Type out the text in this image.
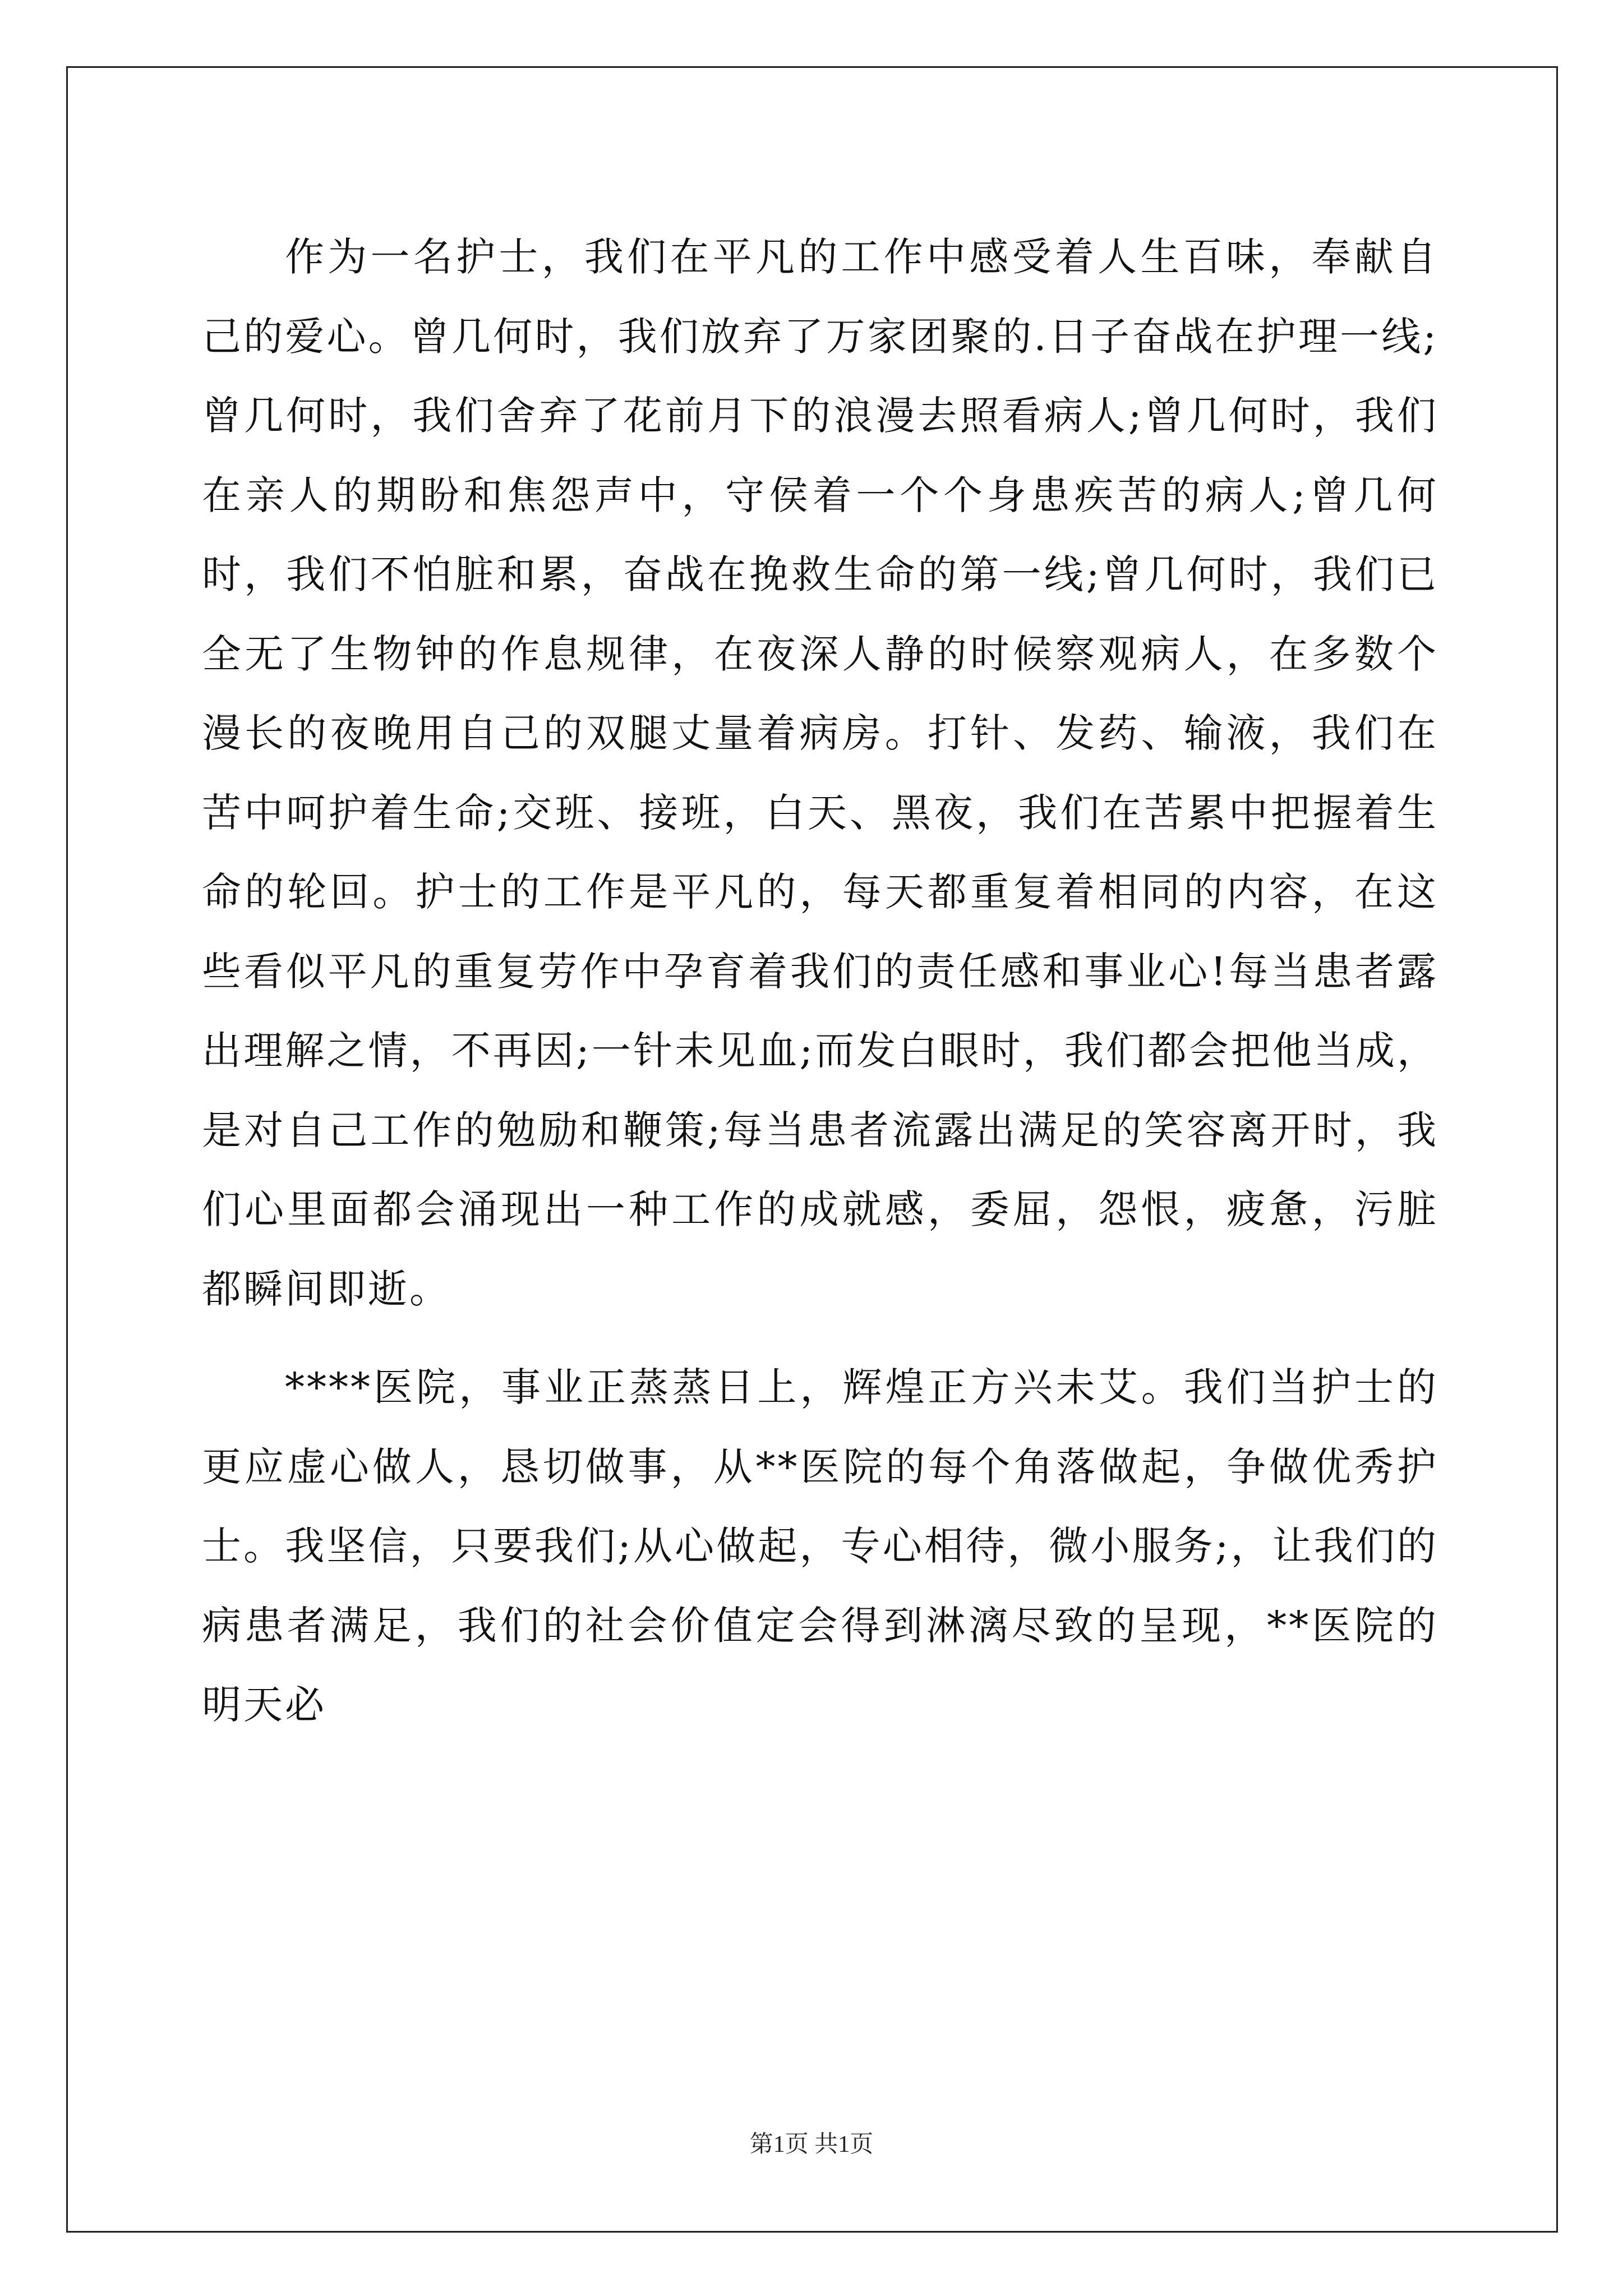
作为一名护士，我们在平凡的工作中感受着人生百味，奉献自己的爱心。曾几何时，我们放弃了万家团聚的.日子奋战在护理一线;曾几何时，我们舍弃了花前月下的浪漫去照看病人;曾几何时，我们在亲人的期盼和焦怨声中，守侯着一个个身患疾苦的病人;曾几何时，我们不怕脏和累，奋战在挽救生命的第一线;曾几何时，我们已全无了生物钟的作息规律，在夜深人静的时候察观病人，在多数个漫长的夜晚用自己的双腿丈量着病房。打针、发药、输液，我们在苦中呵护着生命;交班、接班，白天、黑夜，我们在苦累中把握着生命的轮回。护士的工作是平凡的，每天都重复着相同的内容，在这些看似平凡的重复劳作中孕育着我们的责任感和事业心!每当患者露出理解之情，不再因;一针未见血;而发白眼时，我们都会把他当成，是对自己工作的勉励和鞭策;每当患者流露出满足的笑容离开时，我们心里面都会涌现出一种工作的成就感，委屈，怨恨，疲惫，污脏都瞬间即逝。

****医院，事业正蒸蒸日上，辉煌正方兴未艾。我们当护士的更应虚心做人，恳切做事，从**医院的每个角落做起，争做优秀护士。我坚信，只要我们;从心做起，专心相待，微小服务;，让我们的病患者满足，我们的社会价值定会得到淋漓尽致的呈现，**医院的明天必

第1页 共1页
